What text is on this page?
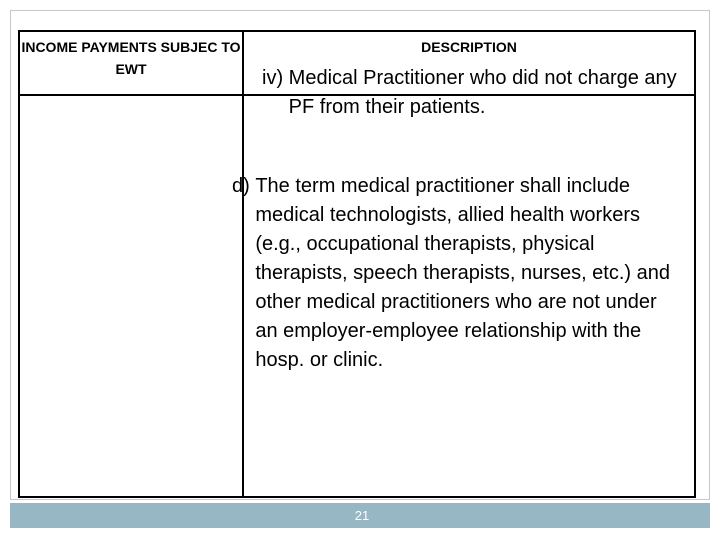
INCOME PAYMENTS SUBJEC TO EWT
DESCRIPTION
iv) Medical Practitioner who did not charge any PF from their patients.
d) The term medical practitioner shall include medical technologists, allied health workers (e.g., occupational therapists, physical therapists, speech therapists, nurses, etc.) and other medical practitioners who are not under an employer-employee relationship with the hosp. or clinic.
21
